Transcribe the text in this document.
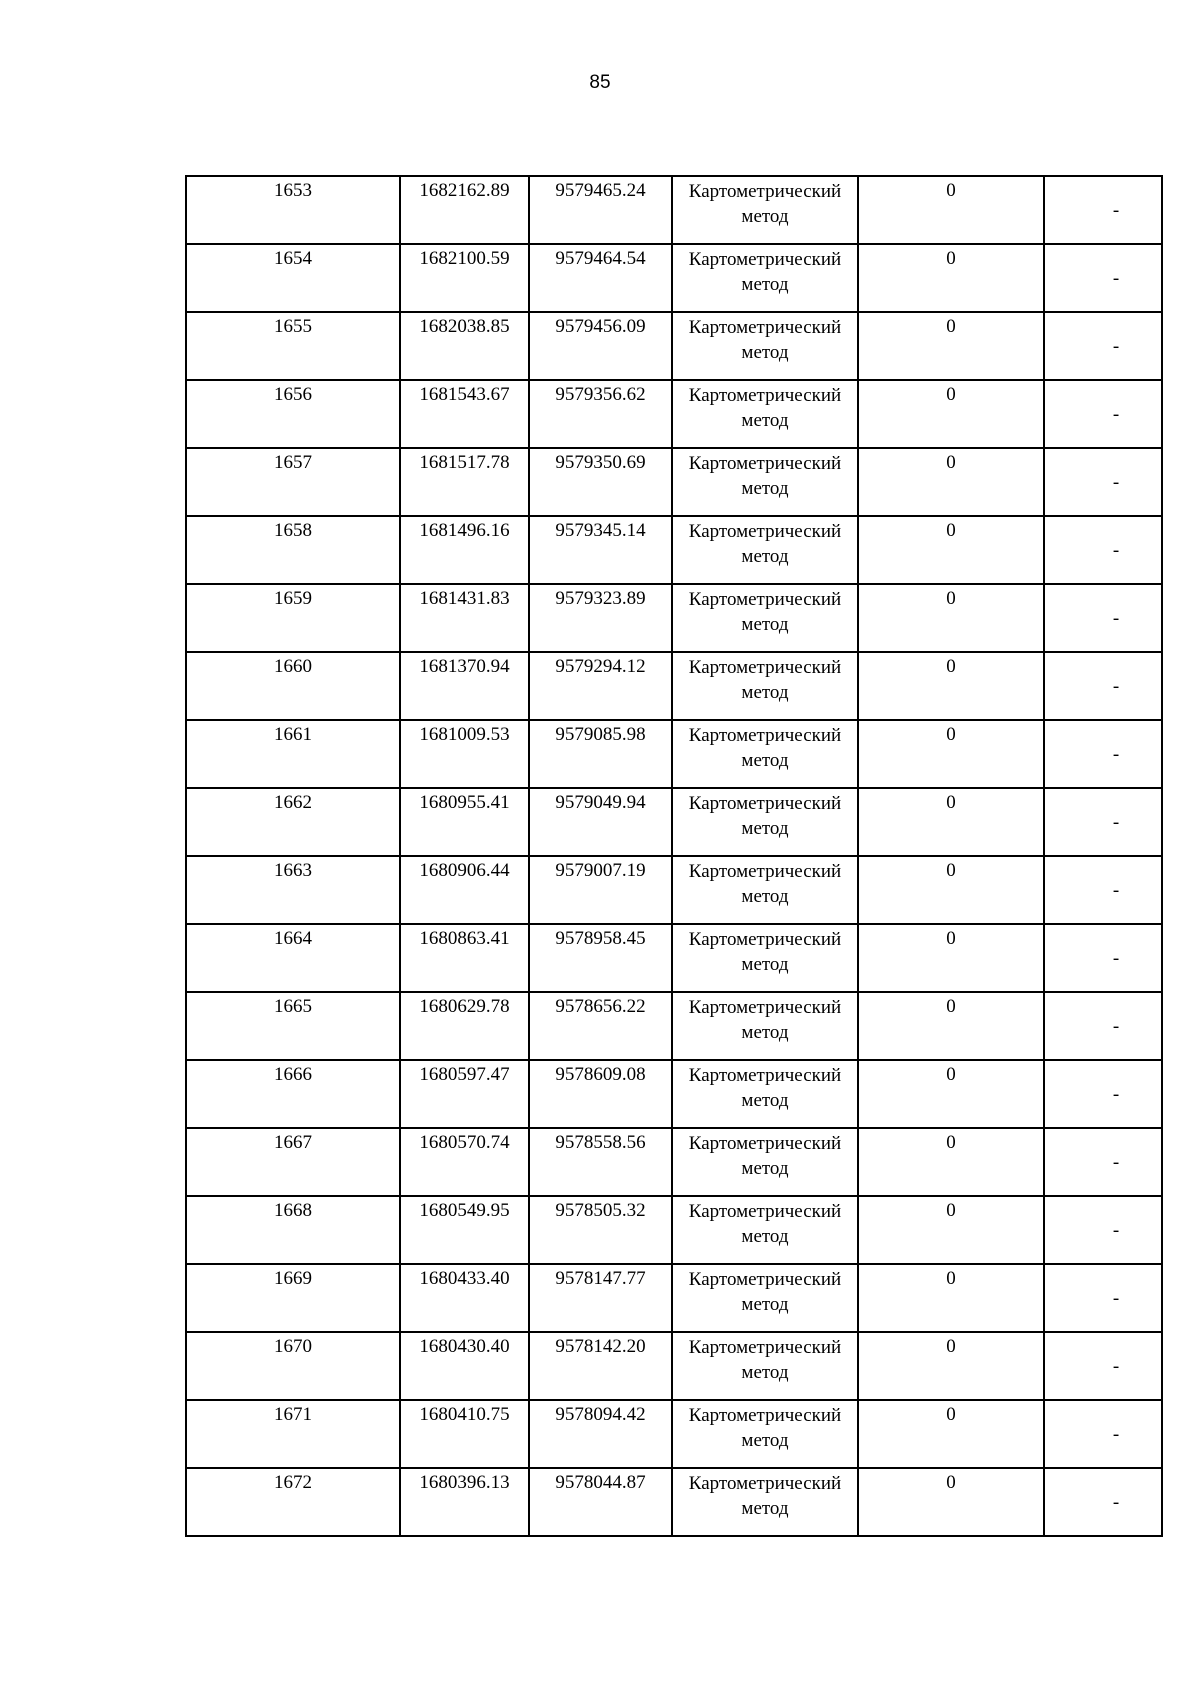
85
1653	1682162.89	9579465.24	Картометрический метод	0	-

1654	1682100.59	9579464.54	Картометрический метод	0	-

1655	1682038.85	9579456.09	Картометрический метод	0	-

1656	1681543.67	9579356.62	Картометрический метод	0	-

1657	1681517.78	9579350.69	Картометрический метод	0	-

1658	1681496.16	9579345.14	Картометрический метод	0	-

1659	1681431.83	9579323.89	Картометрический метод	0	-

1660	1681370.94	9579294.12	Картометрический метод	0	-

1661	1681009.53	9579085.98	Картометрический метод	0	-

1662	1680955.41	9579049.94	Картометрический метод	0	-

1663	1680906.44	9579007.19	Картометрический метод	0	-

1664	1680863.41	9578958.45	Картометрический метод	0	-

1665	1680629.78	9578656.22	Картометрический метод	0	-

1666	1680597.47	9578609.08	Картометрический метод	0	-

1667	1680570.74	9578558.56	Картометрический метод	0	-

1668	1680549.95	9578505.32	Картометрический метод	0	-

1669	1680433.40	9578147.77	Картометрический метод	0	-

1670	1680430.40	9578142.20	Картометрический метод	0	-

1671	1680410.75	9578094.42	Картометрический метод	0	-

1672	1680396.13	9578044.87	Картометрический метод	0	-
